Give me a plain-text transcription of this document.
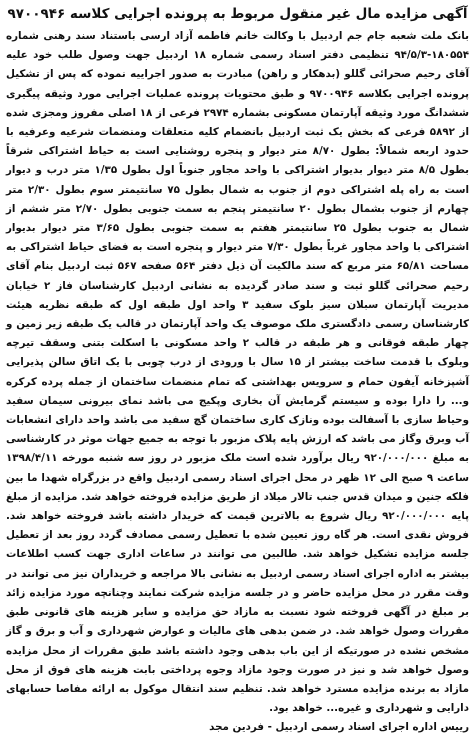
آگهی مزایده مال غیر منقول مربوط به پرونده اجرایی کلاسه ۹۷۰۰۹۴۶

بانک ملت شعبه جام جم اردبیل با وکالت خانم فاطمه آزاد ارسی باستناد سند رهنی شماره ۱۸۰۵۵۴-۹۴/۵/۳ تنظیمی دفتر اسناد رسمی شماره ۱۸ اردبیل جهت وصول طلب خود علیه آقای رحیم صحرائی گللو (بدهکار و راهن) مبادرت به صدور اجراییه نموده که پس از تشکیل پرونده اجرایی بکلاسه ۹۷۰۰۹۴۶ و طبق محتویات پرونده عملیات اجرایی مورد وثیقه پیگیری ششدانگ مورد وثیقه آپارتمان مسکونی بشماره ۲۹۷۴ فرعی از ۱۸ اصلی مفروز ومجزی شده از ۵۸۹۲ فرعی که بخش یک ثبت اردبیل بانضمام کلیه متعلقات ومنضمات شرعیه وعرفیه با حدود اربعه شمالاً: بطول ۸/۷۰ متر دیوار و پنجره روشنایی است به حیاط اشتراکی شرقاً بطول ۸/۵ متر دیوار بدیوار اشتراکی با واحد مجاور جنوباً اول بطول ۱/۳۵ متر درب و دیوار است به راه پله اشتراکی دوم از جنوب به شمال بطول ۷۵ سانتیمتر سوم بطول ۲/۳۰ متر چهارم از جنوب بشمال بطول ۲۰ سانتیمتر پنجم به سمت جنوبی بطول ۲/۷۰ متر ششم از شمال به جنوب بطول ۲۵ سانتیمتر هفتم به سمت جنوبی بطول ۳/۶۵ متر دیوار بدیوار اشتراکی با واحد مجاور غرباً بطول ۷/۳۰ متر دیوار و پنجره است به فضای حیاط اشتراکی به مساحت ۶۵/۸۱ متر مربع که سند مالکیت آن ذیل دفتر ۵۶۴ صفحه ۵۶۷ ثبت اردبیل بنام آقای رحیم صحرائی گللو ثبت و سند صادر گردیده به نشانی اردبیل کارشناسان فاز ۲ خیابان مدیریت آپارتمان سبلان سیز بلوک سفید ۳ واحد اول طبقه اول که طبقه نظریه هیئت کارشناسان رسمی دادگستری ملک موصوف یک واحد آپارتمان در قالب یک طبقه زیر زمین و چهار طبقه فوقانی و هر طبقه در قالب ۲ واحد مسکونی با اسکلت بتنی وسقف تیرچه وبلوک با قدمت ساخت بیشتر از ۱۵ سال با ورودی از درب چوبی با یک اتاق سالن پذیرایی آشپزخانه آیفون حمام و سرویس بهداشتی که تمام منضمات ساختمان از جمله پرده کرکره و... را دارا بوده و سیستم گرمایش آن بخاری وپکیج می باشد نمای بیرونی سیمان سفید وحیاط سازی با آسفالت بوده ونازک کاری ساختمان گچ سفید می باشد واحد دارای انشعابات آب وبرق وگاز می باشد که ارزش پایه پلاک مزبور با توجه به جمیع جهات موثر در کارشناسی به مبلغ ۹۲۰/۰۰۰/۰۰۰ ریال برآورد شده است ملک مزبور در روز سه شنبه مورخه ۱۳۹۸/۴/۱۱ ساعت ۹ صبح الی ۱۲ ظهر در محل اجرای اسناد رسمی اردبیل واقع در بزرگراه شهدا ما بین فلکه جنین و میدان قدس جنب تالار میلاد از طریق مزایده فروخته خواهد شد. مزایده از مبلغ پایه ۹۲۰/۰۰۰/۰۰۰ ریال شروع به بالاترین قیمت که خریدار داشته باشد فروخته خواهد شد. فروش نقدی است. هر گاه روز تعیین شده با تعطیل رسمی مصادف گردد روز بعد از تعطیل جلسه مزایده تشکیل خواهد شد. طالبین می توانند در ساعات اداری جهت کسب اطلاعات بیشتر به اداره اجرای اسناد رسمی اردبیل به نشانی بالا مراجعه و خریداران نیز می توانند در وقت مقرر در محل مزایده حاضر و در جلسه مزایده شرکت نمایند وچنانچه مورد مزایده زائد بر مبلغ در آگهی فروخته شود نسبت به مازاد حق مزایده و سایر هزینه های قانونی طبق مقررات وصول خواهد شد. در ضمن بدهی های مالیات و عوارض شهرداری و آب و برق و گاز مشخص نشده در صورتیکه از این باب بدهی وجود داشته باشد طبق مقررات از محل مزایده وصول خواهد شد و نیز در صورت وجود مازاد وجوه پرداختی بابت هزینه های فوق از محل مازاد به برنده مزایده مسترد خواهد شد. تنظیم سند انتقال موکول به ارائه مفاصا حسابهای دارایی و شهرداری و غیره... خواهد بود.

رییس اداره اجرای اسناد رسمی اردبیل - فردین مجد
